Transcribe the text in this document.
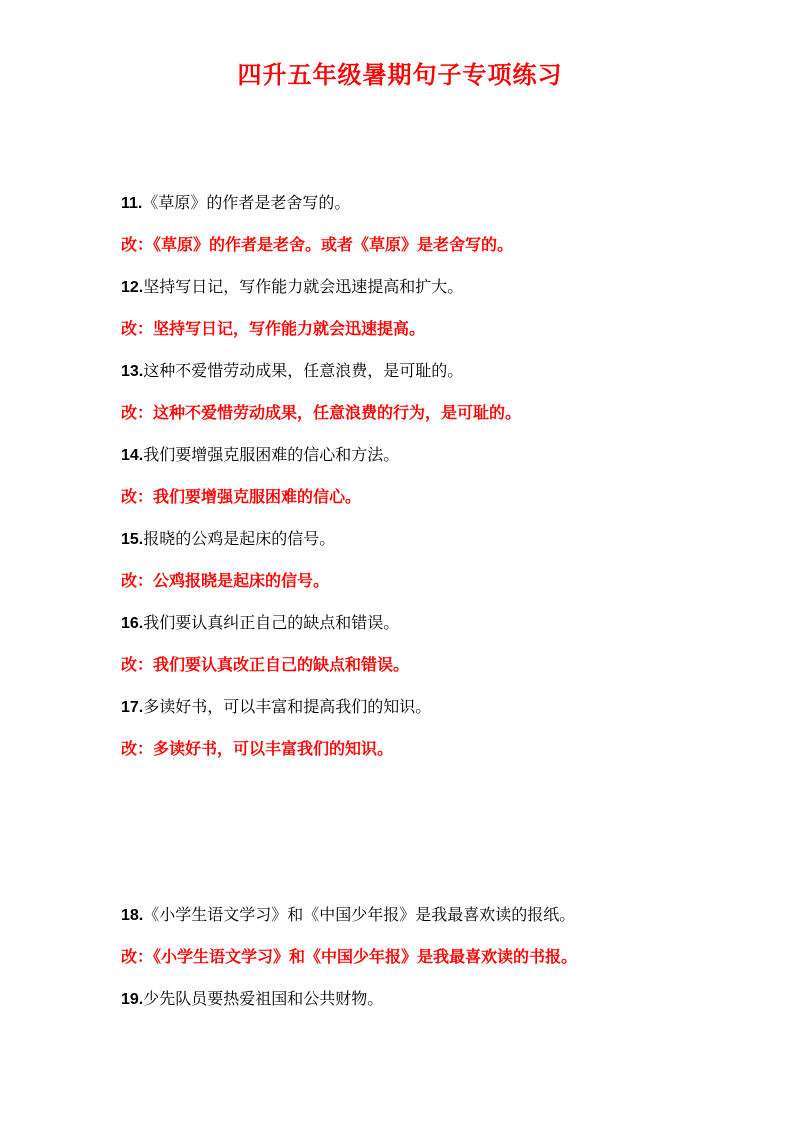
四升五年级暑期句子专项练习
11.《草原》的作者是老舍写的。
改：《草原》的作者是老舍。或者《草原》是老舍写的。
12.坚持写日记，写作能力就会迅速提高和扩大。
改：坚持写日记，写作能力就会迅速提高。
13.这种不爱惜劳动成果，任意浪费，是可耻的。
改：这种不爱惜劳动成果，任意浪费的行为，是可耻的。
14.我们要增强克服困难的信心和方法。
改：我们要增强克服困难的信心。
15.报晓的公鸡是起床的信号。
改：公鸡报晓是起床的信号。
16.我们要认真纠正自己的缺点和错误。
改：我们要认真改正自己的缺点和错误。
17.多读好书，可以丰富和提高我们的知识。
改：多读好书，可以丰富我们的知识。
18.《小学生语文学习》和《中国少年报》是我最喜欢读的报纸。
改：《小学生语文学习》和《中国少年报》是我最喜欢读的书报。
19.少先队员要热爱祖国和公共财物。
